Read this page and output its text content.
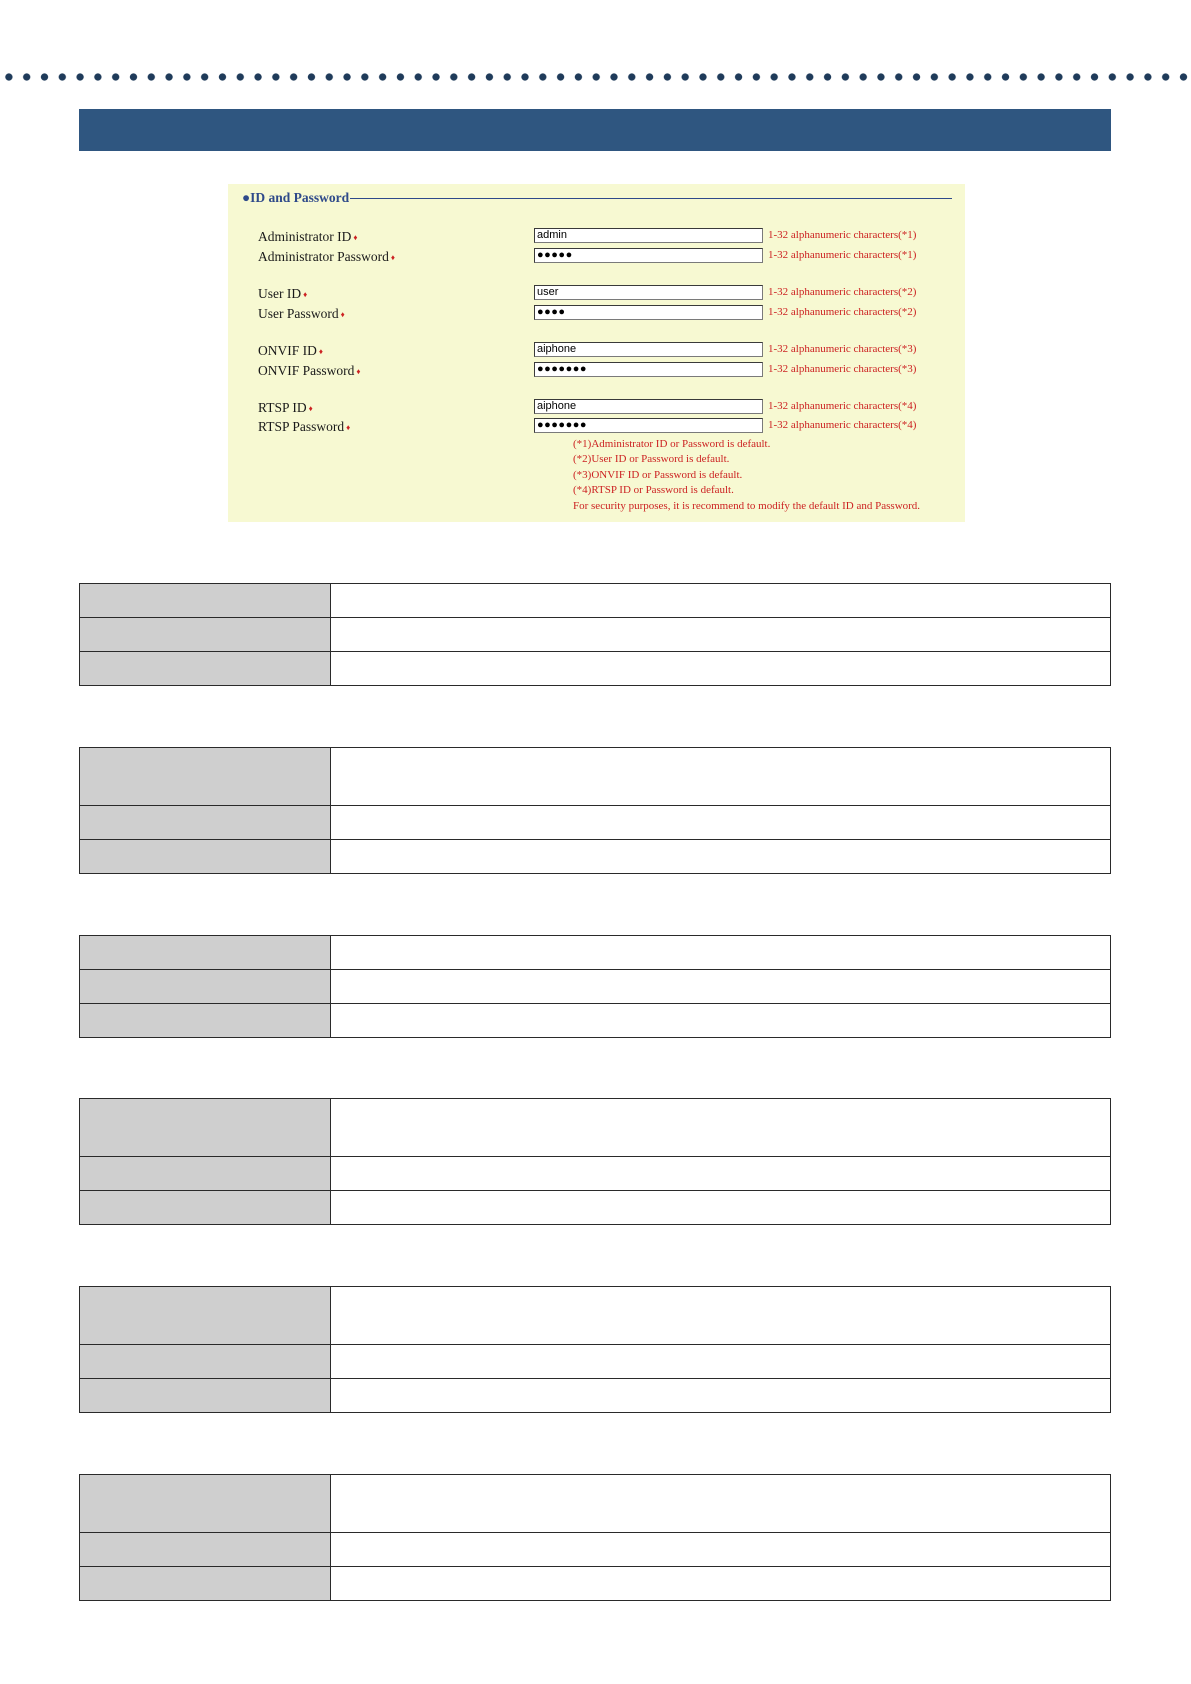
●ID and Password
Administrator ID ♦	admin	1-32 alphanumeric characters(*1)
Administrator Password ♦	●●●●●	1-32 alphanumeric characters(*1)
User ID ♦	user	1-32 alphanumeric characters(*2)
User Password ♦	●●●●	1-32 alphanumeric characters(*2)
ONVIF ID ♦	aiphone	1-32 alphanumeric characters(*3)
ONVIF Password ♦	●●●●●●●	1-32 alphanumeric characters(*3)
RTSP ID ♦	aiphone	1-32 alphanumeric characters(*4)
RTSP Password ♦	●●●●●●●	1-32 alphanumeric characters(*4)
(*1)Administrator ID or Password is default.
(*2)User ID or Password is default.
(*3)ONVIF ID or Password is default.
(*4)RTSP ID or Password is default.
For security purposes, it is recommend to modify the default ID and Password.
